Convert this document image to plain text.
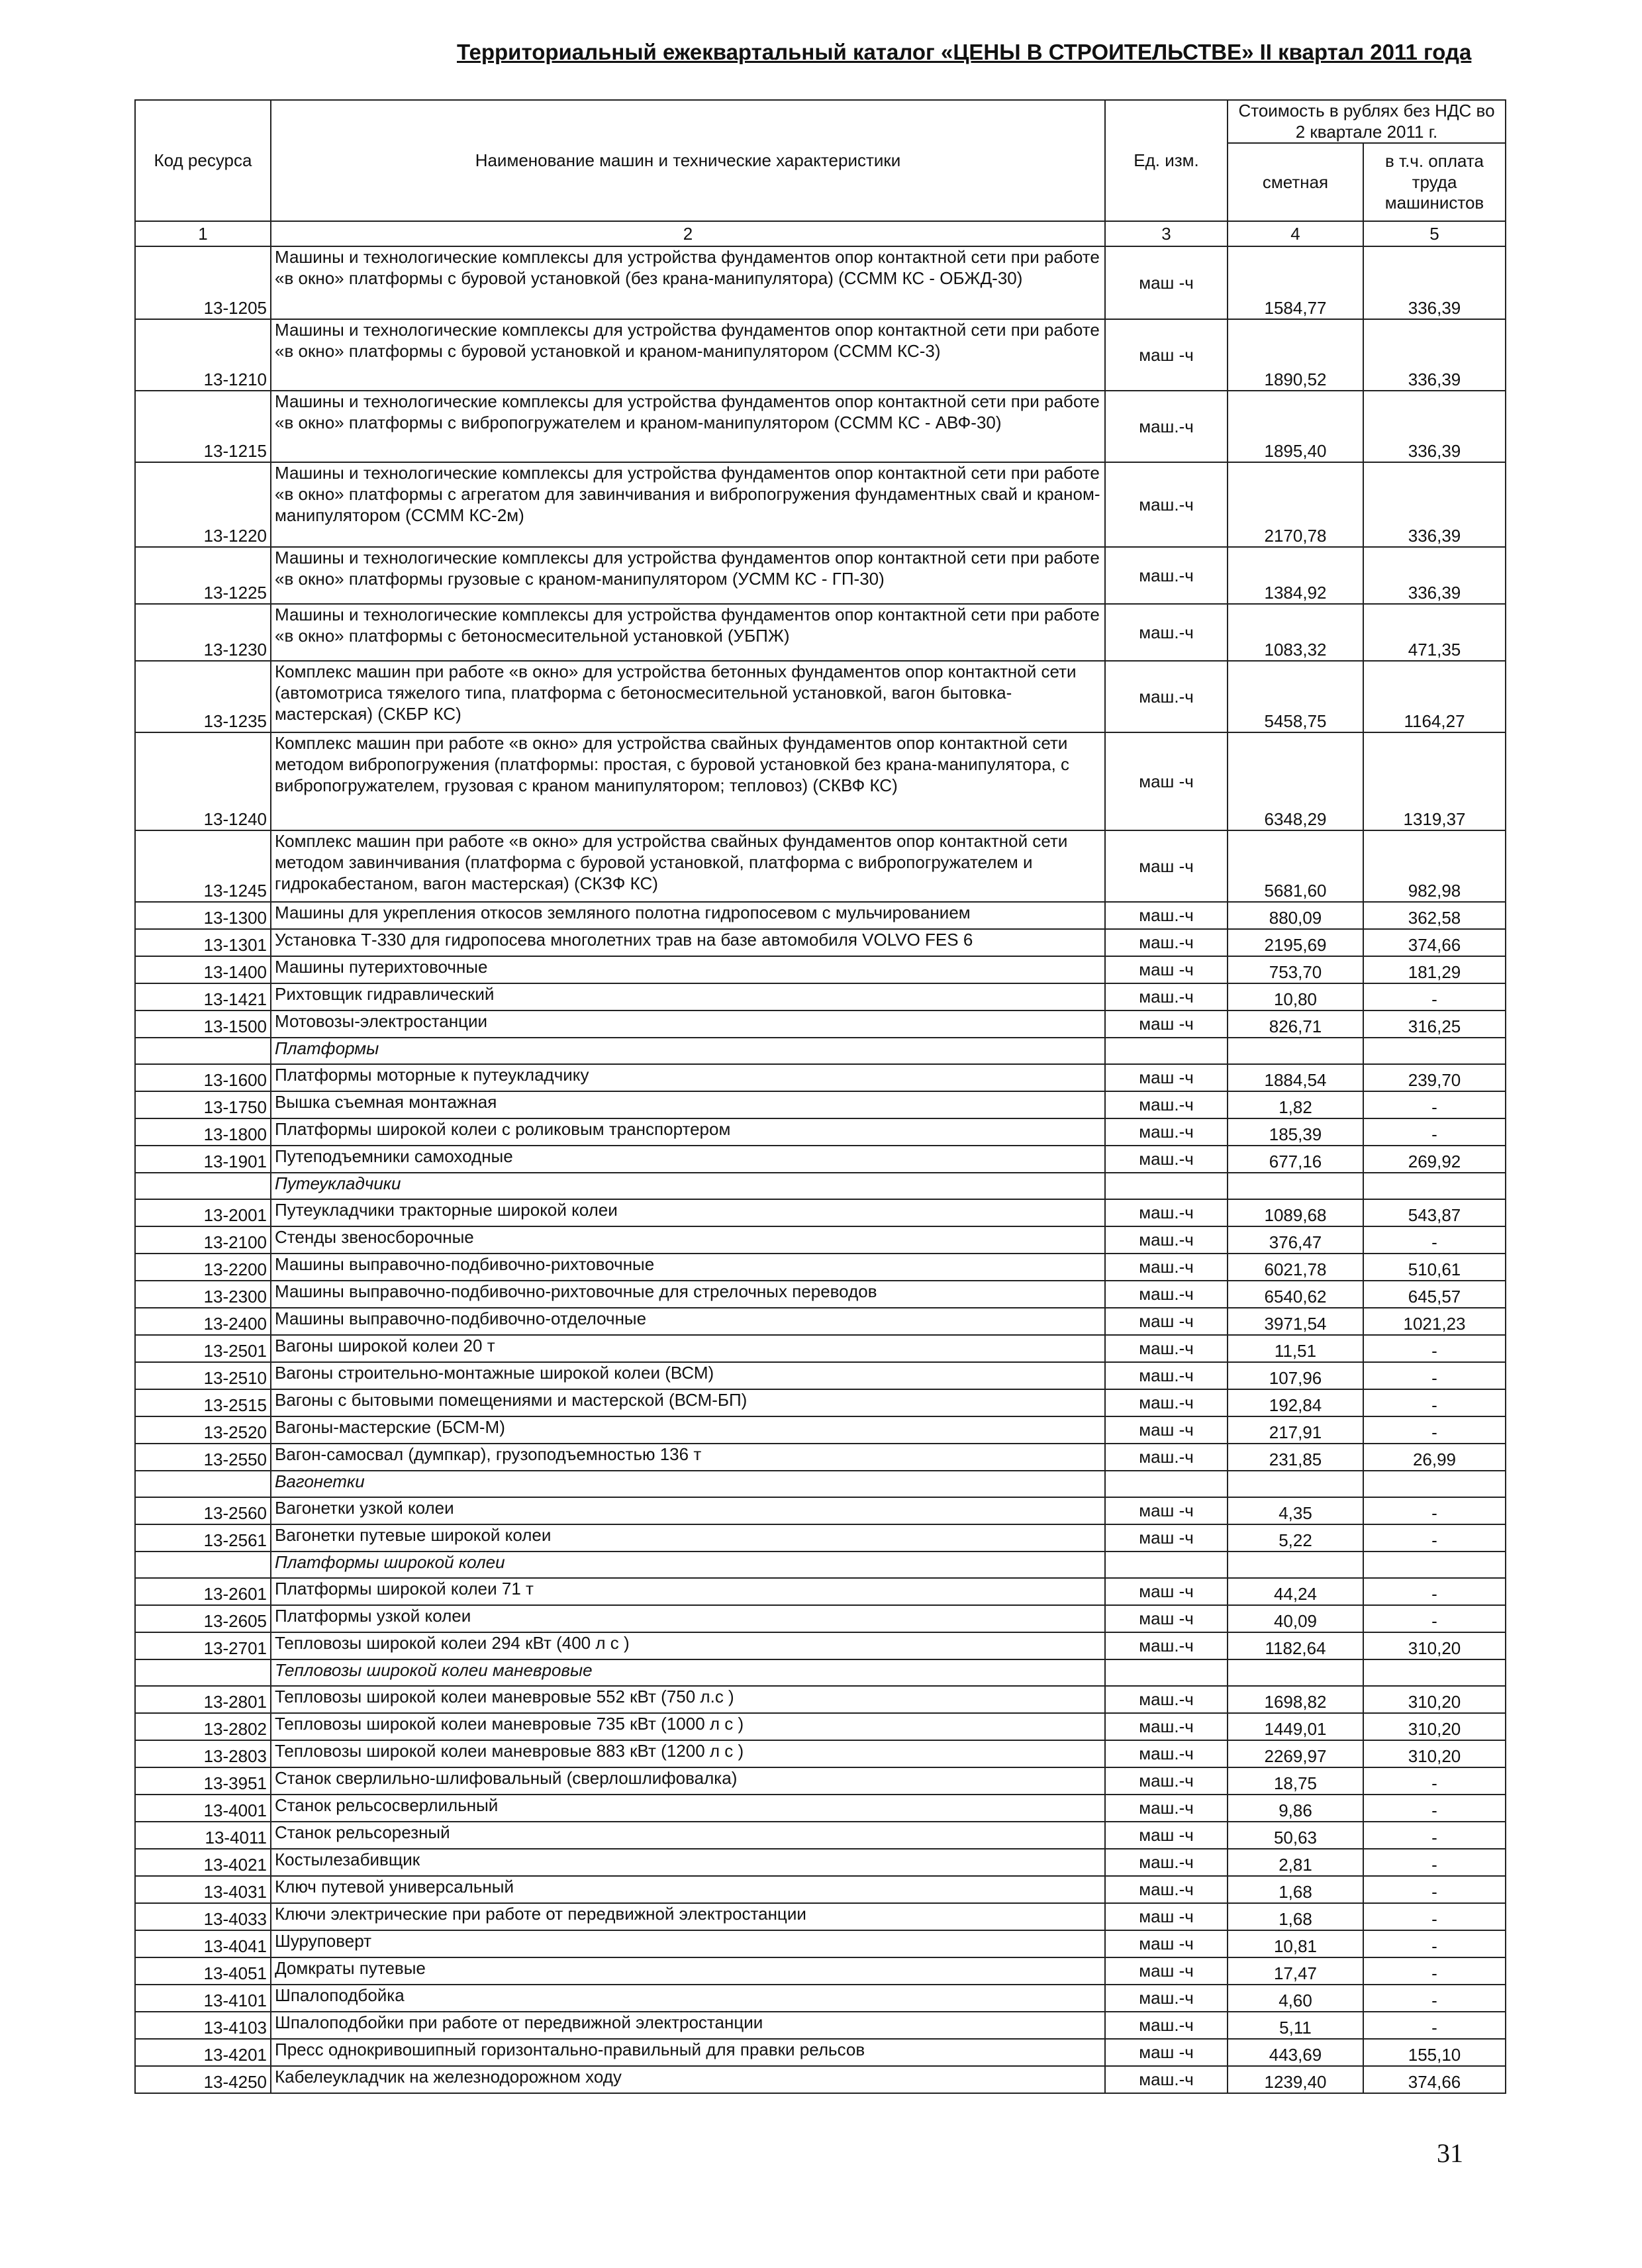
Территориальный ежеквартальный каталог «ЦЕНЫ В СТРОИТЕЛЬСТВЕ» II квартал 2011 года
Код ресурса	Наименование машин и технические характеристики	Ед. изм.	Стоимость в рублях без НДС во 2 квартале 2011 г.	
			сметная	в т.ч. оплата труда машинистов
1	2	3	4	5
13-1205	Машины и технологические комплексы для устройства фундаментов опор контактной сети при работе «в окно» платформы с буровой установкой (без крана-манипулятора) (ССММ КС - ОБЖД-30)	маш -ч	1584,77	336,39
13-1210	Машины и технологические комплексы для устройства фундаментов опор контактной сети при работе «в окно» платформы с буровой установкой и краном-манипулятором (ССММ КС-3)	маш -ч	1890,52	336,39
13-1215	Машины и технологические комплексы для устройства фундаментов опор контактной сети при работе «в окно» платформы с вибропогружателем и краном-манипулятором (ССММ КС - АВФ-30)	маш.-ч	1895,40	336,39
13-1220	Машины и технологические комплексы для устройства фундаментов опор контактной сети при работе «в окно» платформы с агрегатом для завинчивания и вибропогружения фундаментных свай и краном-манипулятором (ССММ КС-2м)	маш.-ч	2170,78	336,39
13-1225	Машины и технологические комплексы для устройства фундаментов опор контактной сети при работе «в окно» платформы грузовые с краном-манипулятором (УСММ КС - ГП-30)	маш.-ч	1384,92	336,39
13-1230	Машины и технологические комплексы для устройства фундаментов опор контактной сети при работе «в окно» платформы с бетоносмесительной установкой (УБПЖ)	маш.-ч	1083,32	471,35
13-1235	Комплекс машин при работе «в окно» для устройства бетонных фундаментов опор контактной сети (автомотриса тяжелого типа, платформа с бетоносмесительной установкой, вагон бытовка-мастерская) (СКБР КС)	маш.-ч	5458,75	1164,27
13-1240	Комплекс машин при работе «в окно» для устройства свайных фундаментов опор контактной сети методом вибропогружения (платформы: простая, с буровой установкой без крана-манипулятора, с вибропогружателем, грузовая с краном манипулятором; тепловоз) (СКВФ КС)	маш -ч	6348,29	1319,37
13-1245	Комплекс машин при работе «в окно» для устройства свайных фундаментов опор контактной сети методом завинчивания (платформа с буровой установкой, платформа с вибропогружателем и гидрокабестаном, вагон мастерская) (СКЗФ КС)	маш -ч	5681,60	982,98
13-1300	Машины для укрепления откосов земляного полотна гидропосевом с мульчированием	маш.-ч	880,09	362,58
13-1301	Установка Т-330 для гидропосева многолетних трав на базе автомобиля VOLVO FES 6	маш.-ч	2195,69	374,66
13-1400	Машины путерихтовочные	маш -ч	753,70	181,29
13-1421	Рихтовщик гидравлический	маш.-ч	10,80	-
13-1500	Мотовозы-электростанции	маш -ч	826,71	316,25
	Платформы			
13-1600	Платформы моторные к путеукладчику	маш -ч	1884,54	239,70
13-1750	Вышка съемная монтажная	маш.-ч	1,82	-
13-1800	Платформы широкой колеи с роликовым транспортером	маш.-ч	185,39	-
13-1901	Путеподъемники самоходные	маш.-ч	677,16	269,92
	Путеукладчики			
13-2001	Путеукладчики тракторные широкой колеи	маш.-ч	1089,68	543,87
13-2100	Стенды звеносборочные	маш.-ч	376,47	-
13-2200	Машины выправочно-подбивочно-рихтовочные	маш.-ч	6021,78	510,61
13-2300	Машины выправочно-подбивочно-рихтовочные для стрелочных переводов	маш.-ч	6540,62	645,57
13-2400	Машины выправочно-подбивочно-отделочные	маш -ч	3971,54	1021,23
13-2501	Вагоны широкой колеи 20 т	маш.-ч	11,51	-
13-2510	Вагоны строительно-монтажные широкой колеи (ВСМ)	маш.-ч	107,96	-
13-2515	Вагоны с бытовыми помещениями и мастерской (ВСМ-БП)	маш.-ч	192,84	-
13-2520	Вагоны-мастерские (БСМ-М)	маш -ч	217,91	-
13-2550	Вагон-самосвал (думпкар), грузоподъемностью 136 т	маш.-ч	231,85	26,99
	Вагонетки			
13-2560	Вагонетки узкой колеи	маш -ч	4,35	-
13-2561	Вагонетки путевые широкой колеи	маш -ч	5,22	-
	Платформы широкой колеи			
13-2601	Платформы широкой колеи 71 т	маш -ч	44,24	-
13-2605	Платформы узкой колеи	маш -ч	40,09	-
13-2701	Тепловозы широкой колеи 294 кВт (400 л с )	маш.-ч	1182,64	310,20
	Тепловозы широкой колеи маневровые			
13-2801	Тепловозы широкой колеи маневровые 552 кВт (750 л.с )	маш.-ч	1698,82	310,20
13-2802	Тепловозы широкой колеи маневровые 735 кВт (1000 л с )	маш.-ч	1449,01	310,20
13-2803	Тепловозы широкой колеи маневровые 883 кВт (1200 л с )	маш.-ч	2269,97	310,20
13-3951	Станок сверлильно-шлифовальный (сверлошлифовалка)	маш.-ч	18,75	-
13-4001	Станок рельсосверлильный	маш.-ч	9,86	-
13-4011	Станок рельсорезный	маш -ч	50,63	-
13-4021	Костылезабивщик	маш.-ч	2,81	-
13-4031	Ключ путевой универсальный	маш.-ч	1,68	-
13-4033	Ключи электрические при работе от передвижной электростанции	маш -ч	1,68	-
13-4041	Шуруповерт	маш -ч	10,81	-
13-4051	Домкраты путевые	маш -ч	17,47	-
13-4101	Шпалоподбойка	маш.-ч	4,60	-
13-4103	Шпалоподбойки при работе от передвижной электростанции	маш.-ч	5,11	-
13-4201	Пресс однокривошипный горизонтально-правильный для правки рельсов	маш -ч	443,69	155,10
13-4250	Кабелеукладчик на железнодорожном ходу	маш.-ч	1239,40	374,66
31
